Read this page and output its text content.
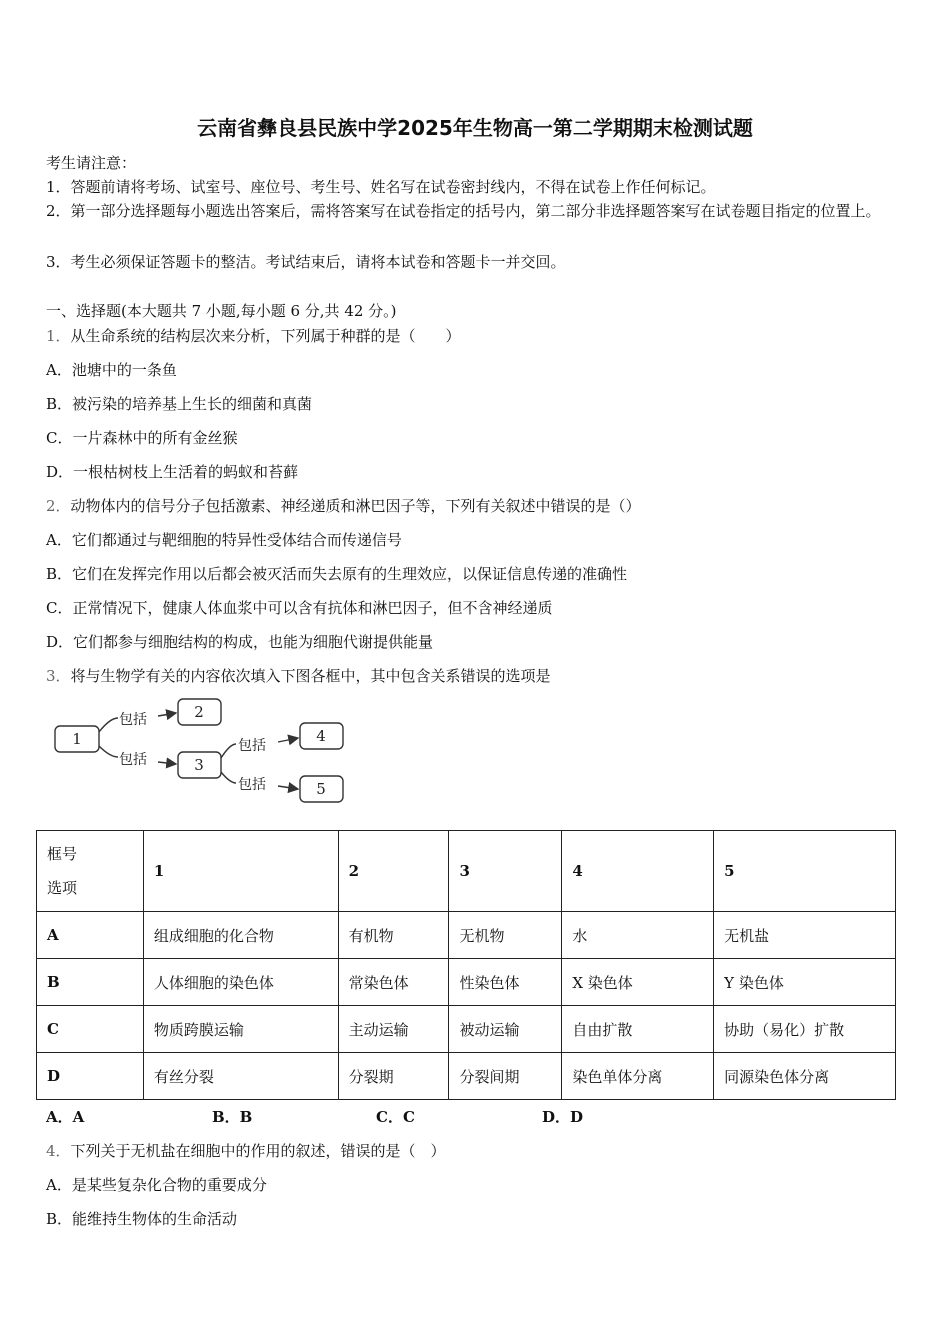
云南省彝良县民族中学2025年生物高一第二学期期末检测试题
考生请注意：
1．答题前请将考场、试室号、座位号、考生号、姓名写在试卷密封线内，不得在试卷上作任何标记。
2．第一部分选择题每小题选出答案后，需将答案写在试卷指定的括号内，第二部分非选择题答案写在试卷题目指定的位置上。
3．考生必须保证答题卡的整洁。考试结束后，请将本试卷和答题卡一并交回。
一、选择题(本大题共 7 小题,每小题 6 分,共 42 分。)
1．从生命系统的结构层次来分析，下列属于种群的是（　　）
A．池塘中的一条鱼
B．被污染的培养基上生长的细菌和真菌
C．一片森林中的所有金丝猴
D．一根枯树枝上生活着的蚂蚁和苔藓
2．动物体内的信号分子包括激素、神经递质和淋巴因子等，下列有关叙述中错误的是（）
A．它们都通过与靶细胞的特异性受体结合而传递信号
B．它们在发挥完作用以后都会被灭活而失去原有的生理效应，以保证信息传递的准确性
C．正常情况下，健康人体血浆中可以含有抗体和淋巴因子，但不含神经递质
D．它们都参与细胞结构的构成，也能为细胞代谢提供能量
3．将与生物学有关的内容依次填入下图各框中，其中包含关系错误的选项是
1
2
3
4
5
包括
包括
包括
包括
框号
选项	1	2	3	4	5
A	组成细胞的化合物	有机物	无机物	水	无机盐
B	人体细胞的染色体	常染色体	性染色体	X 染色体	Y 染色体
C	物质跨膜运输	主动运输	被动运输	自由扩散	协助（易化）扩散
D	有丝分裂	分裂期	分裂间期	染色单体分离	同源染色体分离
A．A	B．B	C．C	D．D
4．下列关于无机盐在细胞中的作用的叙述，错误的是（　）
A．是某些复杂化合物的重要成分
B．能维持生物体的生命活动
